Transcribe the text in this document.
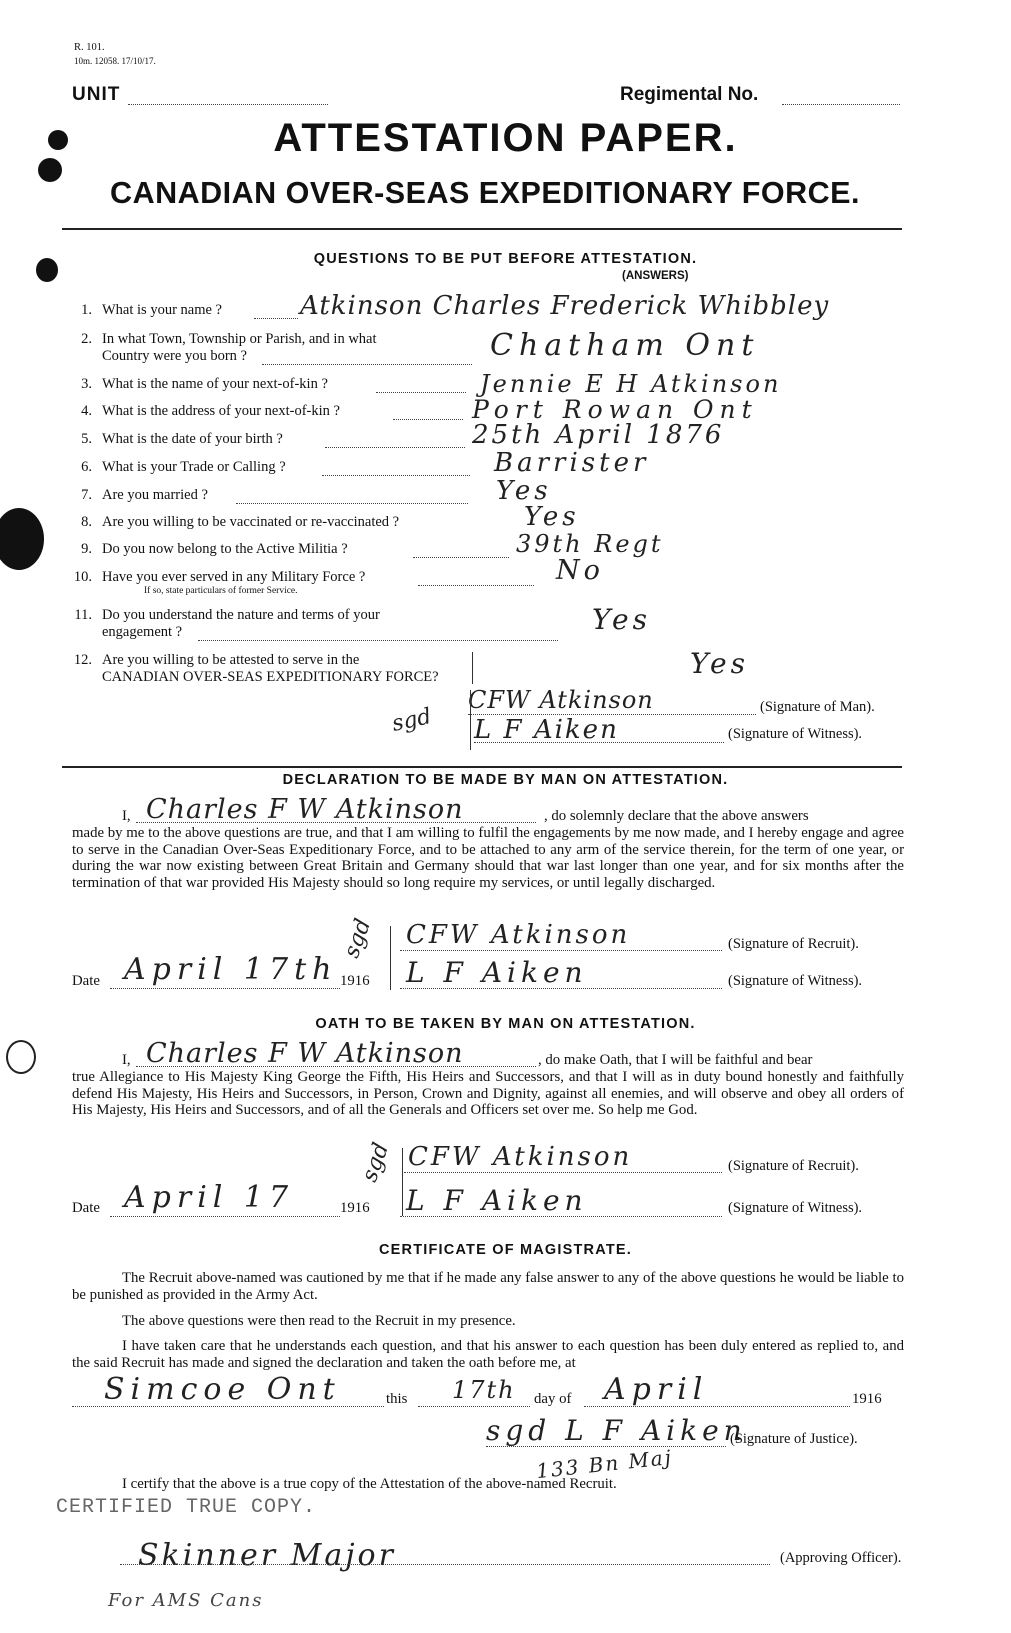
R. 101.
10m. 12058. 17/10/17.
UNIT	Regimental No.
ATTESTATION PAPER.
CANADIAN OVER-SEAS EXPEDITIONARY FORCE.
QUESTIONS TO BE PUT BEFORE ATTESTATION.
(ANSWERS)
1. What is your name ?	Atkinson Charles Frederick Whibbley
2. In what Town, Township or Parish, and in what
Country were you born ?	Chatham Ont
3. What is the name of your next-of-kin ?	Jennie E H Atkinson
4. What is the address of your next-of-kin ?	Port Rowan Ont
5. What is the date of your birth ?	25th April 1876
6. What is your Trade or Calling ?	Barrister
7. Are you married ?	Yes
8. Are you willing to be vaccinated or re-vaccinated ?	Yes
9. Do you now belong to the Active Militia ?	39th Regt
10. Have you ever served in any Military Force ?
If so, state particulars of former Service.
No
11. Do you understand the nature and terms of your
engagement ?	Yes
12. Are you willing to be attested to serve in the
CANADIAN OVER-SEAS EXPEDITIONARY FORCE?	Yes
CFW Atkinson	(Signature of Man).
sgd L F Aiken	(Signature of Witness).
DECLARATION TO BE MADE BY MAN ON ATTESTATION.
I, Charles F W Atkinson	, do solemnly declare that the above answers
made by me to the above questions are true, and that I am willing to fulfil the engagements by me now made, and I hereby engage and agree to serve in the Canadian Over-Seas Expeditionary Force, and to be attached to any arm of the service therein, for the term of one year, or during the war now existing between Great Britain and Germany should that war last longer than one year, and for six months after the termination of that war provided His Majesty should so long require my services, or until legally discharged.
sgd CFW Atkinson	(Signature of Recruit).
Date April 17th 1916 L F Aiken	(Signature of Witness).
OATH TO BE TAKEN BY MAN ON ATTESTATION.
I, Charles F W Atkinson	, do make Oath, that I will be faithful and bear
true Allegiance to His Majesty King George the Fifth, His Heirs and Successors, and that I will as in duty bound honestly and faithfully defend His Majesty, His Heirs and Successors, in Person, Crown and Dignity, against all enemies, and will observe and obey all orders of His Majesty, His Heirs and Successors, and of all the Generals and Officers set over me. So help me God.
sgd CFW Atkinson	(Signature of Recruit).
Date April 17	1916 L F Aiken	(Signature of Witness).
CERTIFICATE OF MAGISTRATE.
The Recruit above-named was cautioned by me that if he made any false answer to any of the above questions he would be liable to be punished as provided in the Army Act.
The above questions were then read to the Recruit in my presence.
I have taken care that he understands each question, and that his answer to each question has been duly entered as replied to, and the said Recruit has made and signed the declaration and taken the oath before me, at
Simcoe Ont	this 17th day of April	1916
sgd L F Aiken
(Signature of Justice).
133 Bn Maj
I certify that the above is a true copy of the Attestation of the above-named Recruit.
CERTIFIED TRUE COPY.
Skinner Major	(Approving Officer).
For AMS Cans
